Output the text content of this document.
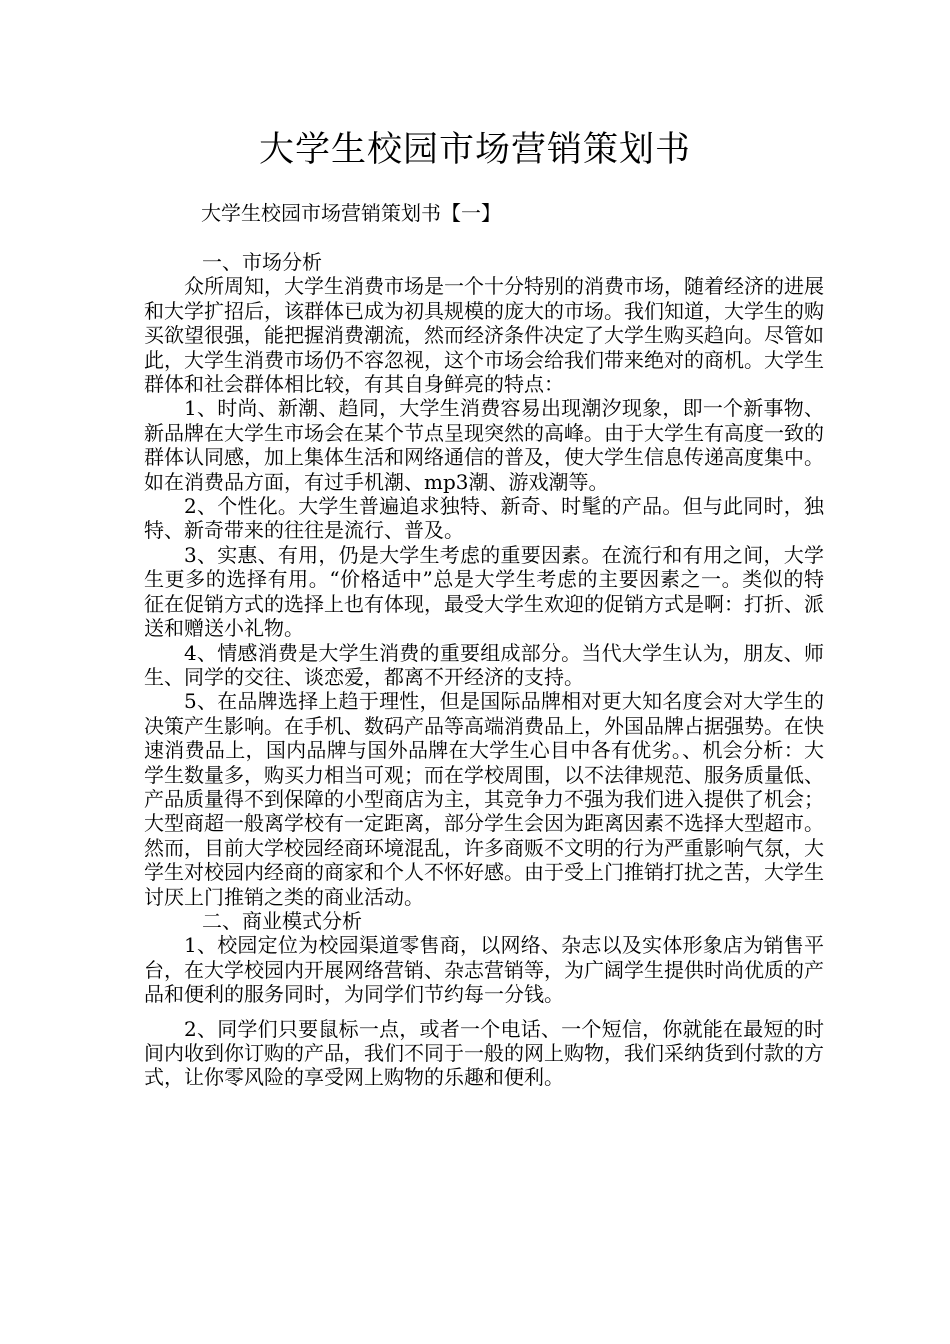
大学生校园市场营销策划书
大学生校园市场营销策划书【一】

一、市场分析

众所周知，大学生消费市场是一个十分特别的消费市场，随着经济的进展和大学扩招后，该群体已成为初具规模的庞大的市场。我们知道，大学生的购买欲望很强，能把握消费潮流，然而经济条件决定了大学生购买趋向。尽管如此，大学生消费市场仍不容忽视，这个市场会给我们带来绝对的商机。大学生群体和社会群体相比较，有其自身鲜亮的特点：

1、时尚、新潮、趋同，大学生消费容易出现潮汐现象，即一个新事物、新品牌在大学生市场会在某个节点呈现突然的高峰。由于大学生有高度一致的群体认同感，加上集体生活和网络通信的普及，使大学生信息传递高度集中。如在消费品方面，有过手机潮、mp3潮、游戏潮等。

2、个性化。大学生普遍追求独特、新奇、时髦的产品。但与此同时，独特、新奇带来的往往是流行、普及。

3、实惠、有用，仍是大学生考虑的重要因素。在流行和有用之间，大学生更多的选择有用。“价格适中”总是大学生考虑的主要因素之一。类似的特征在促销方式的选择上也有体现，最受大学生欢迎的促销方式是啊：打折、派送和赠送小礼物。

4、情感消费是大学生消费的重要组成部分。当代大学生认为，朋友、师生、同学的交往、谈恋爱，都离不开经济的支持。

5、在品牌选择上趋于理性，但是国际品牌相对更大知名度会对大学生的决策产生影响。在手机、数码产品等高端消费品上，外国品牌占据强势。在快速消费品上，国内品牌与国外品牌在大学生心目中各有优劣。、机会分析：大学生数量多，购买力相当可观；而在学校周围，以不法律规范、服务质量低、产品质量得不到保障的小型商店为主，其竞争力不强为我们进入提供了机会；大型商超一般离学校有一定距离，部分学生会因为距离因素不选择大型超市。然而，目前大学校园经商环境混乱，许多商贩不文明的行为严重影响气氛，大学生对校园内经商的商家和个人不怀好感。由于受上门推销打扰之苦，大学生讨厌上门推销之类的商业活动。

二、商业模式分析

1、校园定位为校园渠道零售商，以网络、杂志以及实体形象店为销售平台，在大学校园内开展网络营销、杂志营销等，为广阔学生提供时尚优质的产品和便利的服务同时，为同学们节约每一分钱。

2、同学们只要鼠标一点，或者一个电话、一个短信，你就能在最短的时间内收到你订购的产品，我们不同于一般的网上购物，我们采纳货到付款的方式，让你零风险的享受网上购物的乐趣和便利。
